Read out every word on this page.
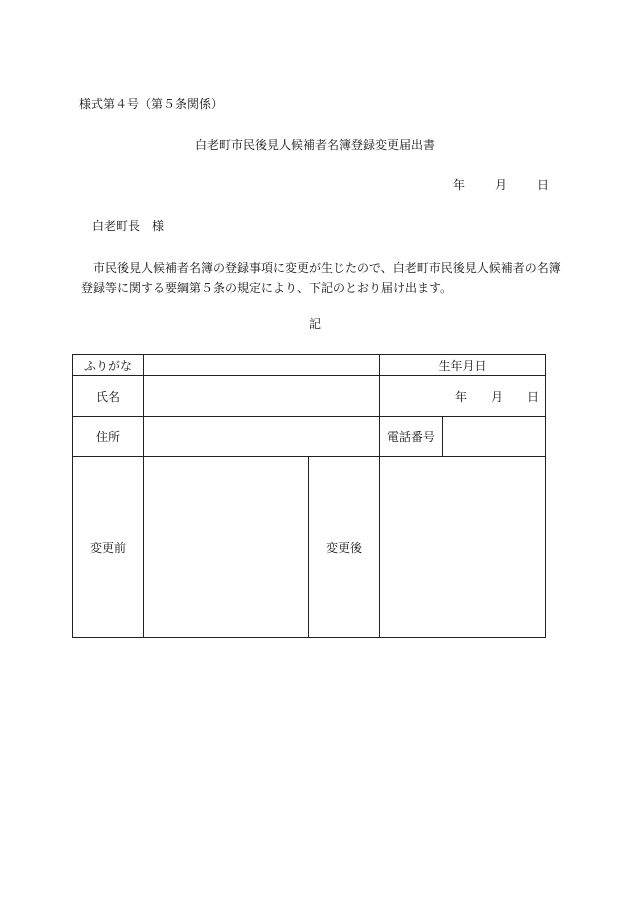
様式第４号（第５条関係）
白老町市民後見人候補者名簿登録変更届出書
年	月	日
白老町長　様

　市民後見人候補者名簿の登録事項に変更が生じたので、白老町市民後見人候補者の名簿

登録等に関する要綱第５条の規定により、下記のとおり届け出ます。

記
ふりがな			生年月日	
氏名			年 月 日	
住所			電話番号	
変更前		変更後		
